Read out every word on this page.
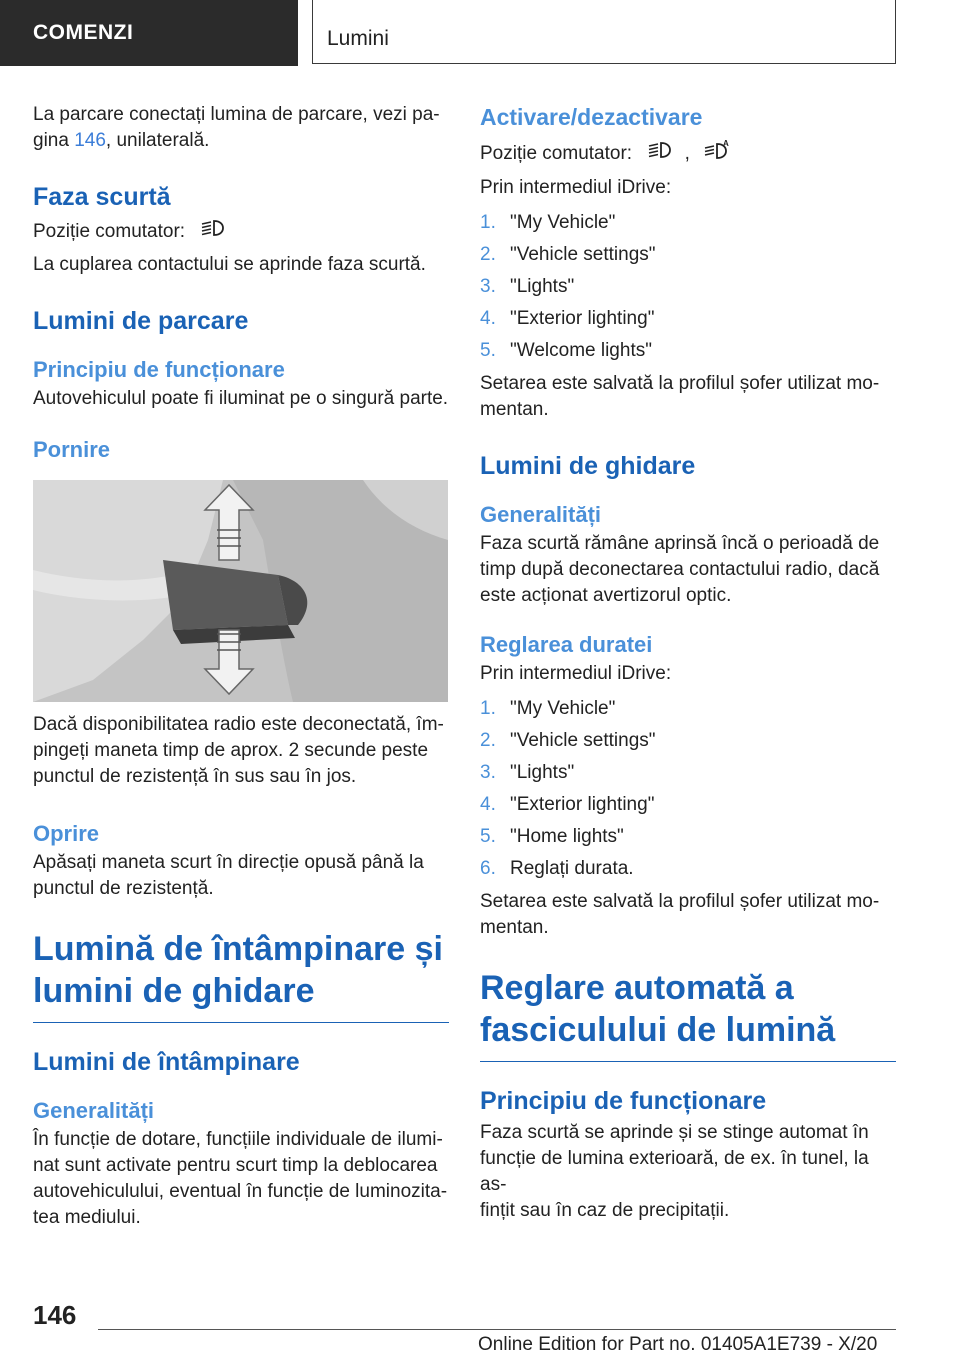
COMENZI	Lumini

La parcare conectați lumina de parcare, vezi pa-

gina 146, unilaterală.

Faza scurtă

Poziție comutator:

La cuplarea contactului se aprinde faza scurtă.

Lumini de parcare
Principiu de funcționare

Autovehiculul poate fi iluminat pe o singură parte.

Pornire

Dacă disponibilitatea radio este deconectată, îm-

pingeți maneta timp de aprox. 2 secunde peste

punctul de rezistență în sus sau în jos.

Oprire

Apăsați maneta scurt în direcție opusă până la

punctul de rezistență.

Lumină de întâmpinare și
lumini de ghidare
Lumini de întâmpinare
Generalități

În funcție de dotare, funcțiile individuale de ilumi-

nat sunt activate pentru scurt timp la deblocarea

autovehiculului, eventual în funcție de luminozita-

tea mediului.

Activare/dezactivare

Poziție comutator:	,	A

Prin intermediul iDrive:

1. "My Vehicle"
2. "Vehicle settings"
3. "Lights"
4. "Exterior lighting"
5. "Welcome lights"

Setarea este salvată la profilul șofer utilizat mo-

mentan.

Lumini de ghidare
Generalități

Faza scurtă rămâne aprinsă încă o perioadă de

timp după deconectarea contactului radio, dacă

este acționat avertizorul optic.

Reglarea duratei

Prin intermediul iDrive:

1. "My Vehicle"
2. "Vehicle settings"
3. "Lights"
4. "Exterior lighting"
5. "Home lights"
6. Reglați durata.

Setarea este salvată la profilul șofer utilizat mo-

mentan.

Reglare automată a
fasciculului de lumină
Principiu de funcționare

Faza scurtă se aprinde și se stinge automat în

funcție de lumina exterioară, de ex. în tunel, la as-

fințit sau în caz de precipitații.

146
Online Edition for Part no. 01405A1E739 - X/20
